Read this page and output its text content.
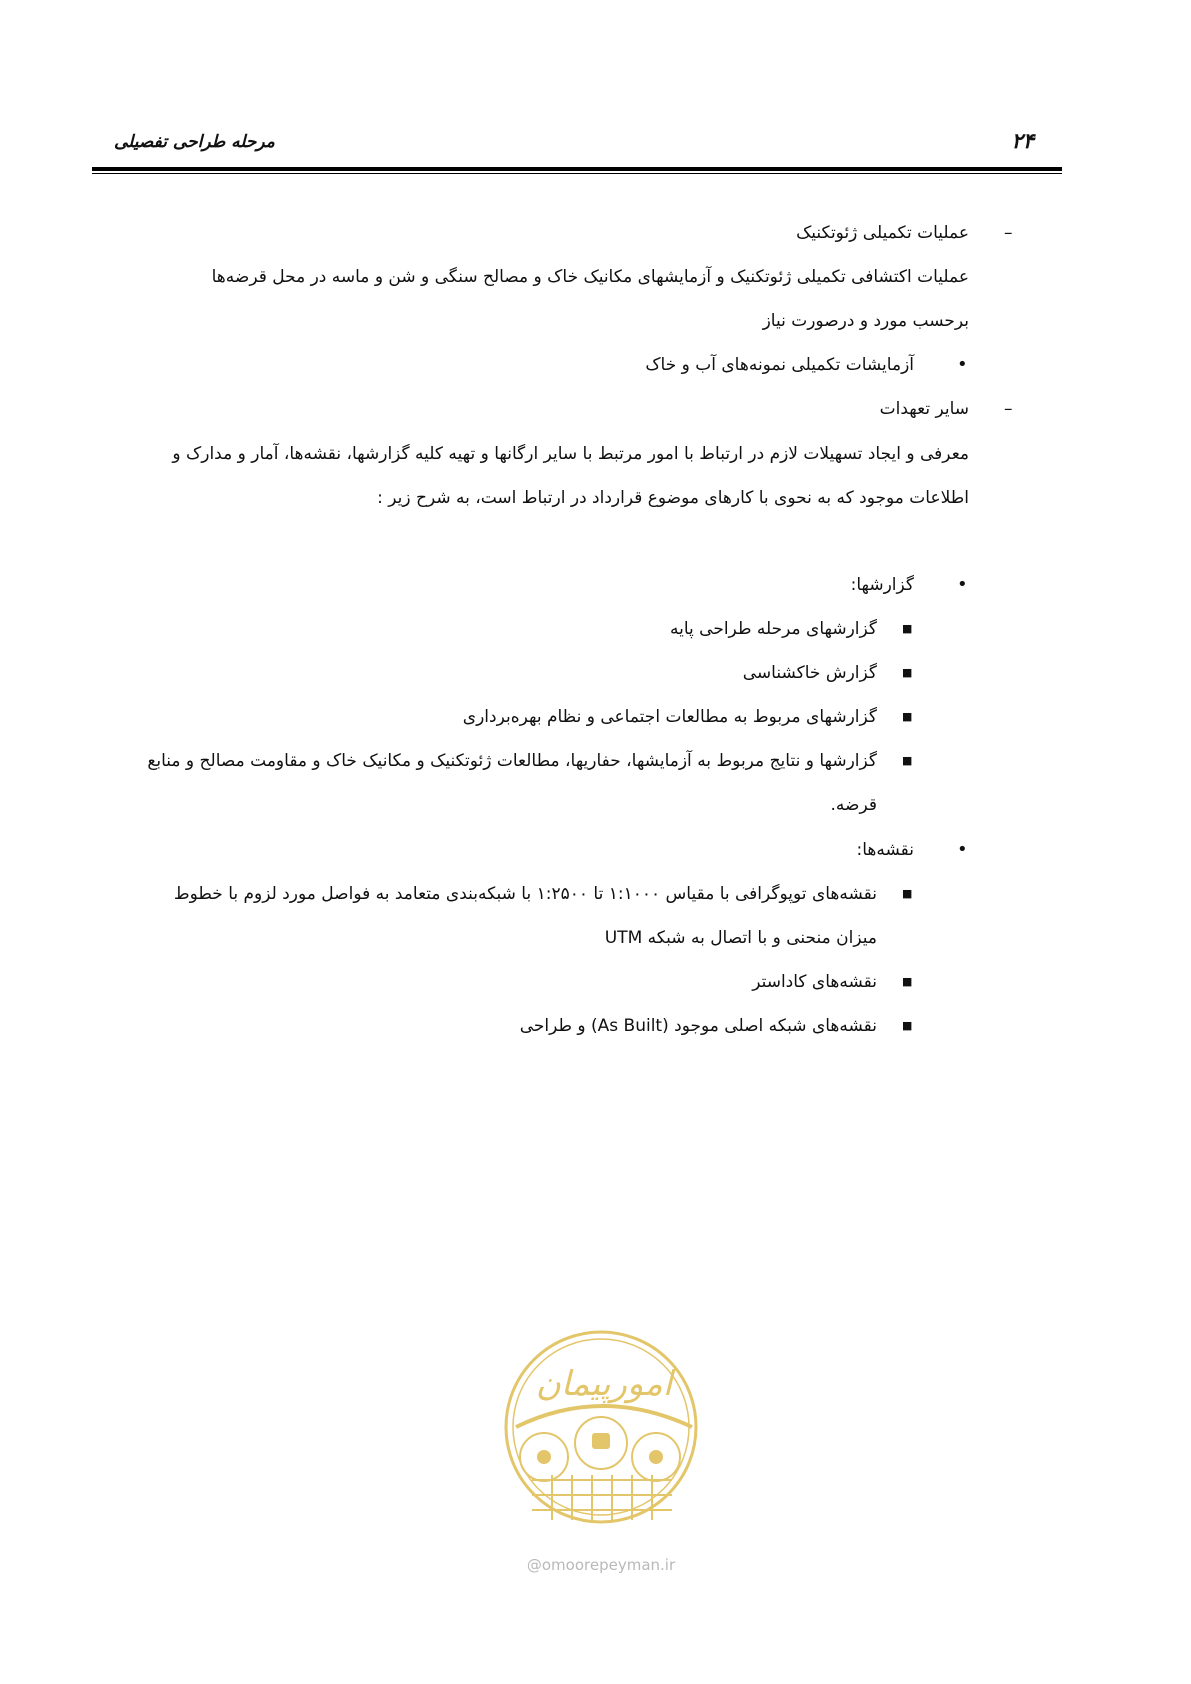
۲۴
مرحله طراحی تفصیلی
–
عملیات تکمیلی ژئوتکنیک
عملیات اکتشافی تکمیلی ژئوتکنیک و آزمایشهای مکانیک خاک و مصالح سنگی و شن و ماسه در محل قرضه‌ها
برحسب مورد و درصورت نیاز
•
آزمایشات تکمیلی نمونه‌های آب و خاک
–
سایر تعهدات
معرفی و ایجاد تسهیلات لازم در ارتباط با امور مرتبط با سایر ارگانها و تهیه کلیه گزارشها، نقشه‌ها، آمار و مدارک و
اطلاعات موجود که به نحوی با کارهای موضوع قرارداد در ارتباط است، به شرح زیر :
•
گزارشها:
■
گزارشهای مرحله طراحی پایه
■
گزارش خاکشناسی
■
گزارشهای مربوط به مطالعات اجتماعی و نظام بهره‌برداری
■
گزارشها و نتایج مربوط به آزمایشها، حفاریها، مطالعات ژئوتکنیک و مکانیک خاک و مقاومت مصالح و منابع
قرضه.
•
نقشه‌ها:
■
نقشه‌های توپوگرافی با مقیاس ۱:۱۰۰۰ تا ۱:۲۵۰۰ با شبکه‌بندی متعامد به فواصل مورد لزوم با خطوط
میزان منحنی و با اتصال به شبکه UTM
■
نقشه‌های کاداستر
■
نقشه‌های شبکه اصلی موجود (As Built) و طراحی
امورپیمان
@omoorepeyman.ir
